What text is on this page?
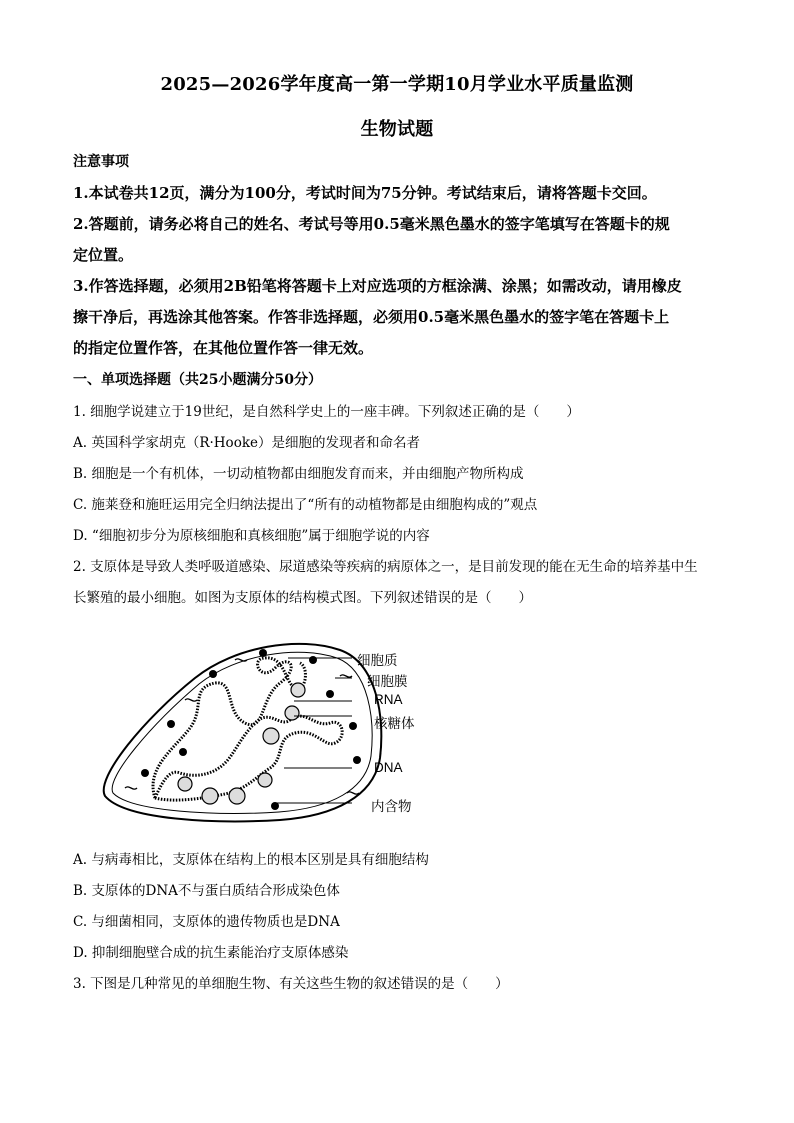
2025—2026学年度高一第一学期10月学业水平质量监测
生物试题
注意事项
1.本试卷共12页，满分为100分，考试时间为75分钟。考试结束后，请将答题卡交回。
2.答题前，请务必将自己的姓名、考试号等用0.5毫米黑色墨水的签字笔填写在答题卡的规
定位置。
3.作答选择题，必须用2B铅笔将答题卡上对应选项的方框涂满、涂黑；如需改动，请用橡皮
擦干净后，再选涂其他答案。作答非选择题，必须用0.5毫米黑色墨水的签字笔在答题卡上
的指定位置作答，在其他位置作答一律无效。
一、单项选择题（共25小题满分50分）
1. 细胞学说建立于19世纪，是自然科学史上的一座丰碑。下列叙述正确的是（　　）
A. 英国科学家胡克（R·Hooke）是细胞的发现者和命名者
B. 细胞是一个有机体，一切动植物都由细胞发育而来，并由细胞产物所构成
C. 施莱登和施旺运用完全归纳法提出了“所有的动植物都是由细胞构成的”观点
D. “细胞初步分为原核细胞和真核细胞”属于细胞学说的内容
2. 支原体是导致人类呼吸道感染、尿道感染等疾病的病原体之一，是目前发现的能在无生命的培养基中生
长繁殖的最小细胞。如图为支原体的结构模式图。下列叙述错误的是（　　）
细胞质
细胞膜
RNA
核糖体
DNA
内含物
A. 与病毒相比，支原体在结构上的根本区别是具有细胞结构
B. 支原体的DNA不与蛋白质结合形成染色体
C. 与细菌相同，支原体的遗传物质也是DNA
D. 抑制细胞壁合成的抗生素能治疗支原体感染
3. 下图是几种常见的单细胞生物、有关这些生物的叙述错误的是（　　）
